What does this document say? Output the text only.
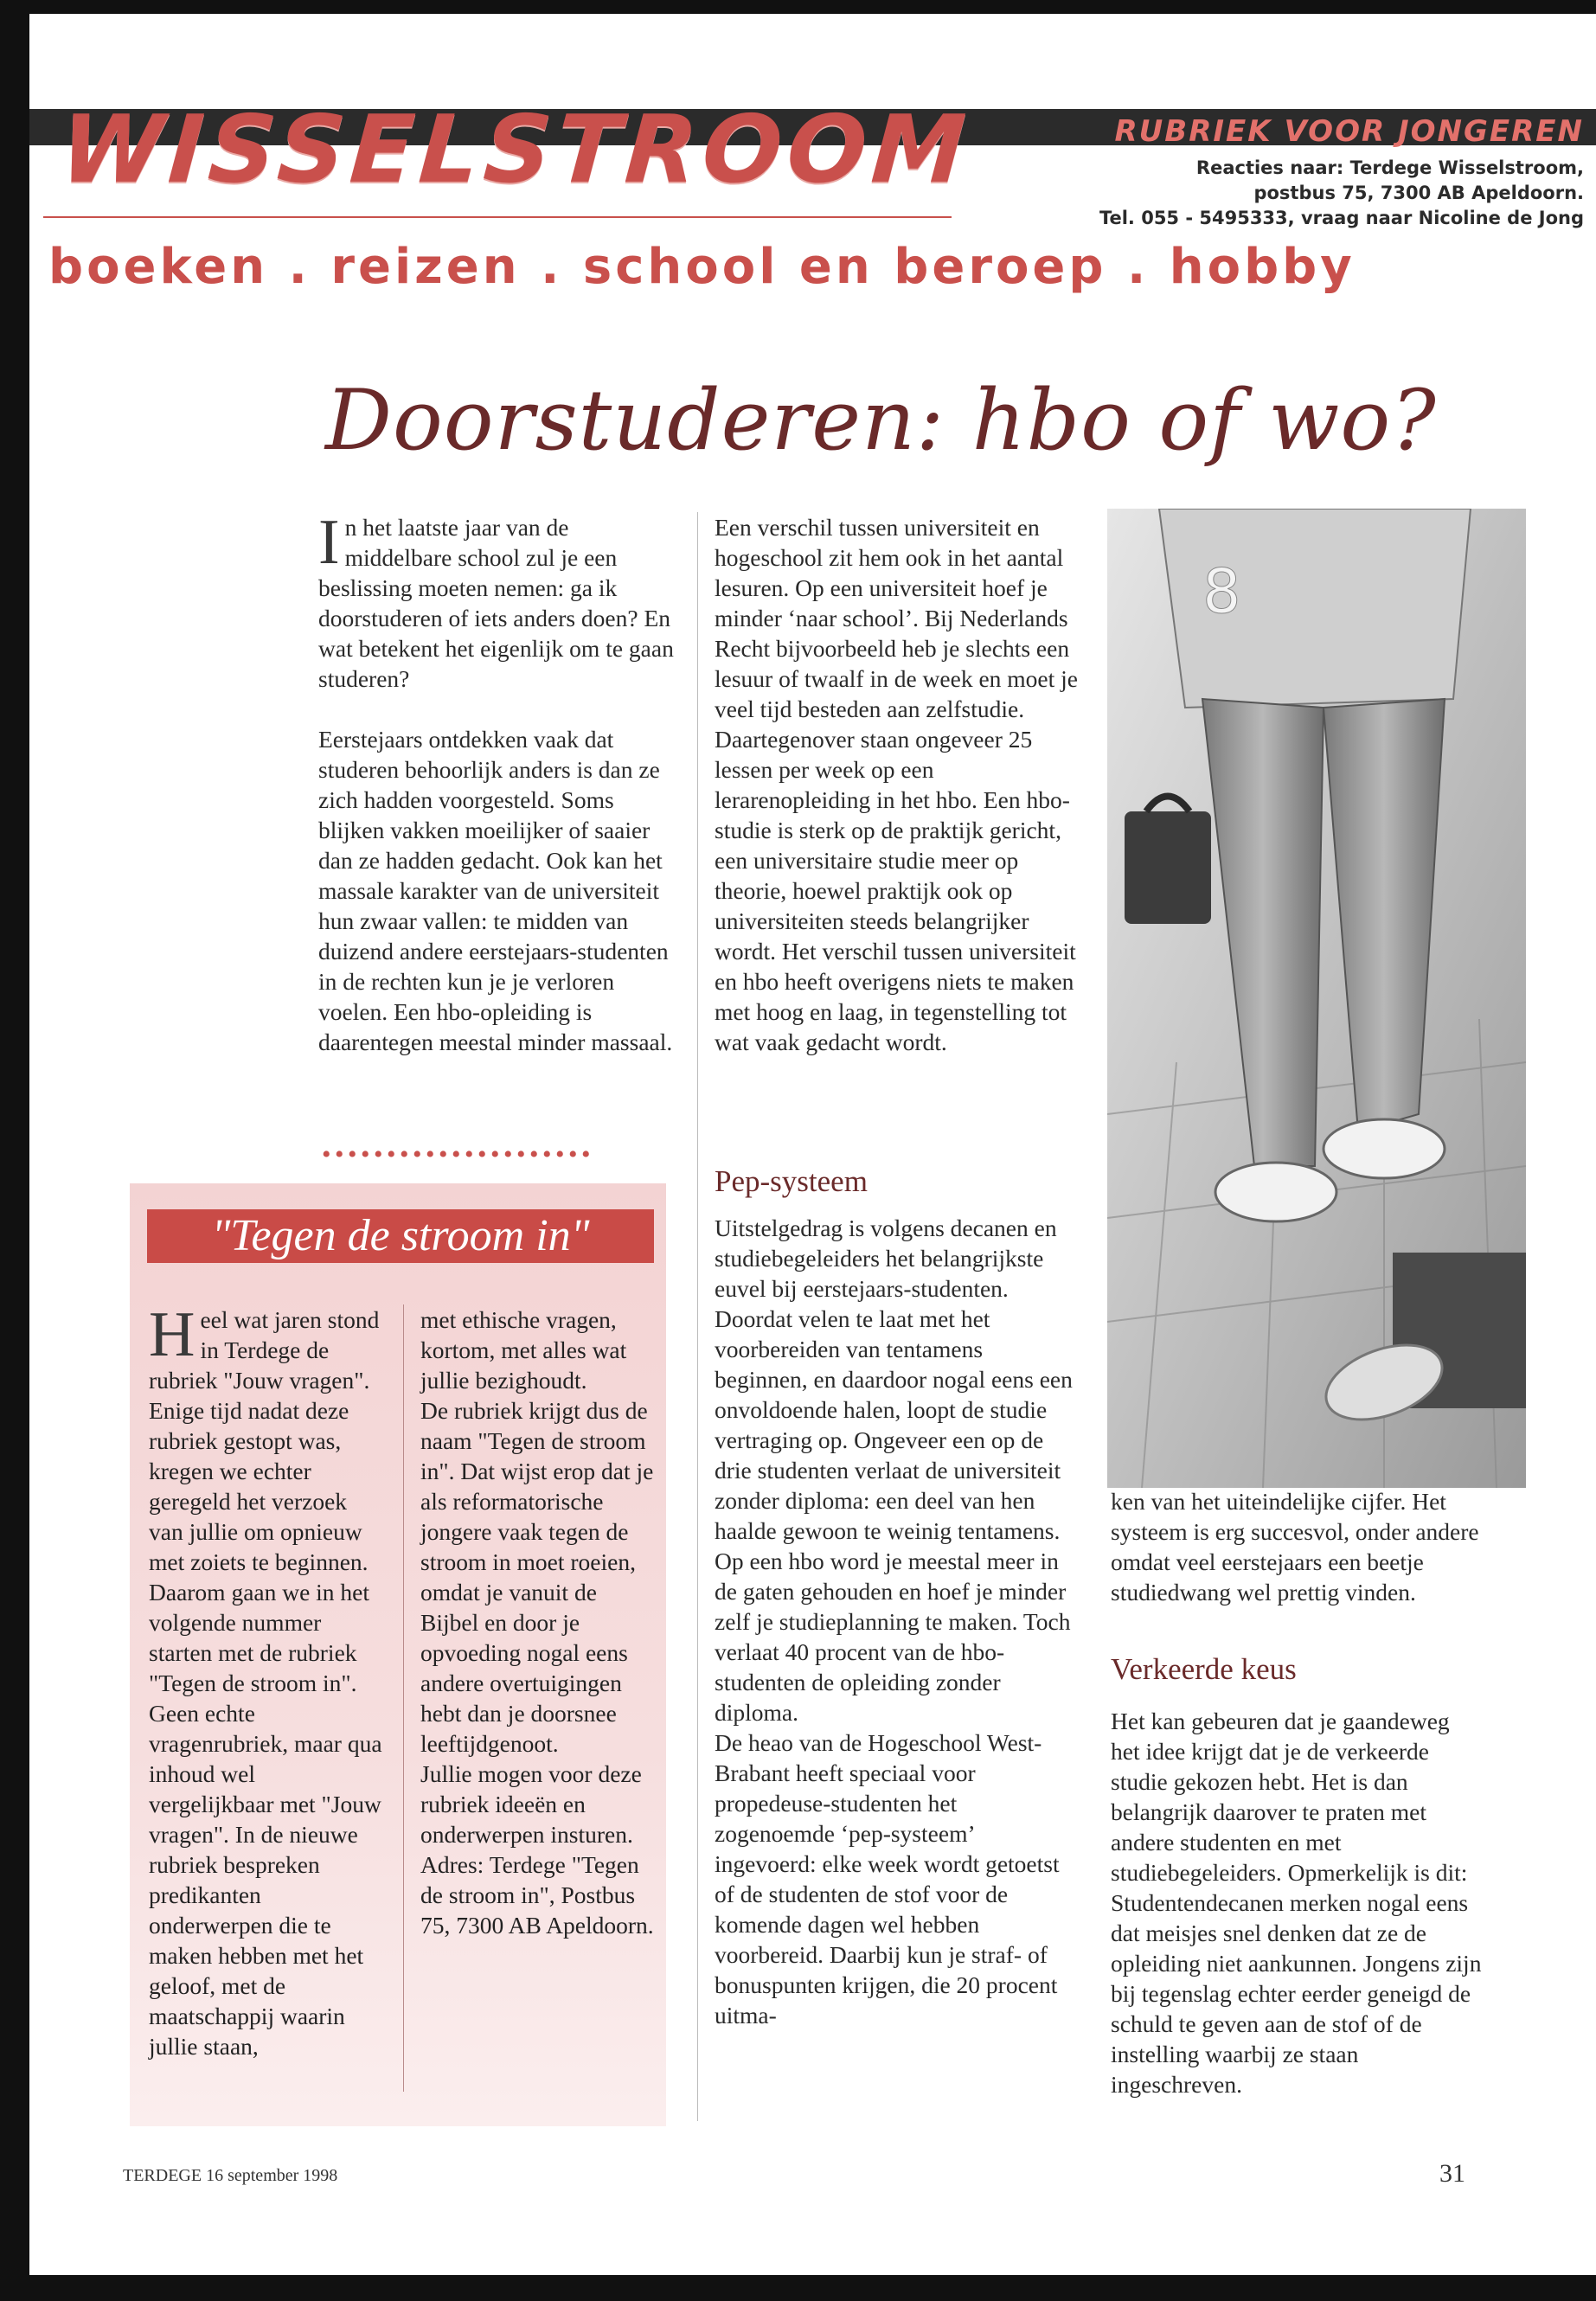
WISSELSTROOM	RUBRIEK VOOR JONGEREN
Reacties naar: Terdege Wisselstroom,
postbus 75, 7300 AB Apeldoorn.
Tel. 055 - 5495333, vraag naar Nicoline de Jong
boeken . reizen . school en beroep . hobby
Doorstuderen: hbo of wo?

In het laatste jaar van de middelbare school zul je een beslissing moeten nemen: ga ik doorstuderen of iets anders doen? En wat betekent het eigenlijk om te gaan studeren?

Eerstejaars ontdekken vaak dat studeren behoorlijk anders is dan ze zich hadden voorgesteld. Soms blijken vakken moeilijker of saaier dan ze hadden gedacht. Ook kan het massale karakter van de universiteit hun zwaar vallen: te midden van duizend andere eerstejaars-studenten in de rechten kun je je verloren voelen. Een hbo-opleiding is daarentegen meestal minder massaal.

•••••••••••••••••••••
"Tegen de stroom in"
Heel wat jaren stond in Terdege de rubriek "Jouw vragen". Enige tijd nadat deze rubriek gestopt was, kregen we echter geregeld het verzoek van jullie om opnieuw met zoiets te beginnen. Daarom gaan we in het volgende nummer starten met de rubriek "Tegen de stroom in". Geen echte vragenrubriek, maar qua inhoud wel vergelijkbaar met "Jouw vragen". In de nieuwe rubriek bespreken predikanten onderwerpen die te maken hebben met het geloof, met de maatschappij waarin jullie staan,
met ethische vragen, kortom, met alles wat jullie bezighoudt.
De rubriek krijgt dus de naam "Tegen de stroom in". Dat wijst erop dat je als reformatorische jongere vaak tegen de stroom in moet roeien, omdat je vanuit de Bijbel en door je opvoeding nogal eens andere overtuigingen hebt dan je doorsnee leeftijdgenoot.
Jullie mogen voor deze rubriek ideeën en onderwerpen insturen. Adres: Terdege "Tegen de stroom in", Postbus 75, 7300 AB Apeldoorn.
Een verschil tussen universiteit en hogeschool zit hem ook in het aantal lesuren. Op een universiteit hoef je minder ‘naar school’. Bij Nederlands Recht bijvoorbeeld heb je slechts een lesuur of twaalf in de week en moet je veel tijd besteden aan zelfstudie. Daartegenover staan ongeveer 25 lessen per week op een lerarenopleiding in het hbo. Een hbo-studie is sterk op de praktijk gericht, een universitaire studie meer op theorie, hoewel praktijk ook op universiteiten steeds belangrijker wordt. Het verschil tussen universiteit en hbo heeft overigens niets te maken met hoog en laag, in tegenstelling tot wat vaak gedacht wordt.
Pep-systeem
Uitstelgedrag is volgens decanen en studiebegeleiders het belangrijkste euvel bij eerstejaars-studenten. Doordat velen te laat met het voorbereiden van tentamens beginnen, en daardoor nogal eens een onvoldoende halen, loopt de studie vertraging op. Ongeveer een op de drie studenten verlaat de universiteit zonder diploma: een deel van hen haalde gewoon te weinig tentamens.
Op een hbo word je meestal meer in de gaten gehouden en hoef je minder zelf je studieplanning te maken. Toch verlaat 40 procent van de hbo-studenten de opleiding zonder diploma.
De heao van de Hogeschool West-Brabant heeft speciaal voor propedeuse-studenten het zogenoemde ‘pep-systeem’ ingevoerd: elke week wordt getoetst of de studenten de stof voor de komende dagen wel hebben voorbereid. Daarbij kun je straf- of bonuspunten krijgen, die 20 procent uitma-
8
ken van het uiteindelijke cijfer. Het systeem is erg succesvol, onder andere omdat veel eerstejaars een beetje studiedwang wel prettig vinden.
Verkeerde keus
Het kan gebeuren dat je gaandeweg het idee krijgt dat je de verkeerde studie gekozen hebt. Het is dan belangrijk daarover te praten met andere studenten en met studiebegeleiders. Opmerkelijk is dit: Studentendecanen merken nogal eens dat meisjes snel denken dat ze de opleiding niet aankunnen. Jongens zijn bij tegenslag echter eerder geneigd de schuld te geven aan de stof of de instelling waarbij ze staan ingeschreven.
TERDEGE 16 september 1998	31
